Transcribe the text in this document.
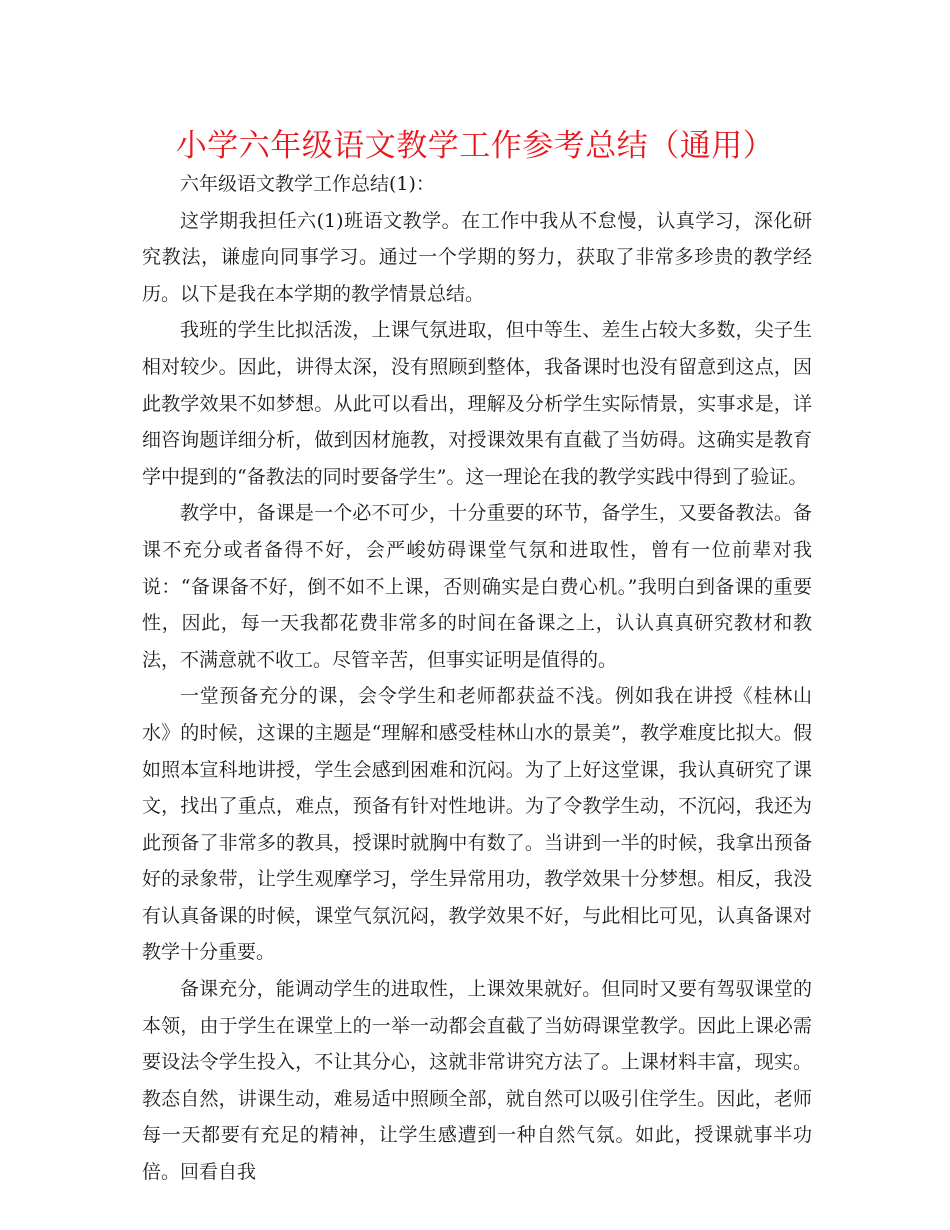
小学六年级语文教学工作参考总结（通用）

六年级语文教学工作总结(1)：

这学期我担任六(1)班语文教学。在工作中我从不怠慢，认真学习，深化研究教法，谦虚向同事学习。通过一个学期的努力，获取了非常多珍贵的教学经历。以下是我在本学期的教学情景总结。

我班的学生比拟活泼，上课气氛进取，但中等生、差生占较大多数，尖子生相对较少。因此，讲得太深，没有照顾到整体，我备课时也没有留意到这点，因此教学效果不如梦想。从此可以看出，理解及分析学生实际情景，实事求是，详细咨询题详细分析，做到因材施教，对授课效果有直截了当妨碍。这确实是教育学中提到的“备教法的同时要备学生”。这一理论在我的教学实践中得到了验证。

教学中，备课是一个必不可少，十分重要的环节，备学生，又要备教法。备课不充分或者备得不好，会严峻妨碍课堂气氛和进取性，曾有一位前辈对我说：“备课备不好，倒不如不上课，否则确实是白费心机。”我明白到备课的重要性，因此，每一天我都花费非常多的时间在备课之上，认认真真研究教材和教法，不满意就不收工。尽管辛苦，但事实证明是值得的。

一堂预备充分的课，会令学生和老师都获益不浅。例如我在讲授《桂林山水》的时候，这课的主题是“理解和感受桂林山水的景美”，教学难度比拟大。假如照本宣科地讲授，学生会感到困难和沉闷。为了上好这堂课，我认真研究了课文，找出了重点，难点，预备有针对性地讲。为了令教学生动，不沉闷，我还为此预备了非常多的教具，授课时就胸中有数了。当讲到一半的时候，我拿出预备好的录象带，让学生观摩学习，学生异常用功，教学效果十分梦想。相反，我没有认真备课的时候，课堂气氛沉闷，教学效果不好，与此相比可见，认真备课对教学十分重要。

备课充分，能调动学生的进取性，上课效果就好。但同时又要有驾驭课堂的本领，由于学生在课堂上的一举一动都会直截了当妨碍课堂教学。因此上课必需要设法令学生投入，不让其分心，这就非常讲究方法了。上课材料丰富，现实。教态自然，讲课生动，难易适中照顾全部，就自然可以吸引住学生。因此，老师每一天都要有充足的精神，让学生感遭到一种自然气氛。如此，授课就事半功倍。回看自我
